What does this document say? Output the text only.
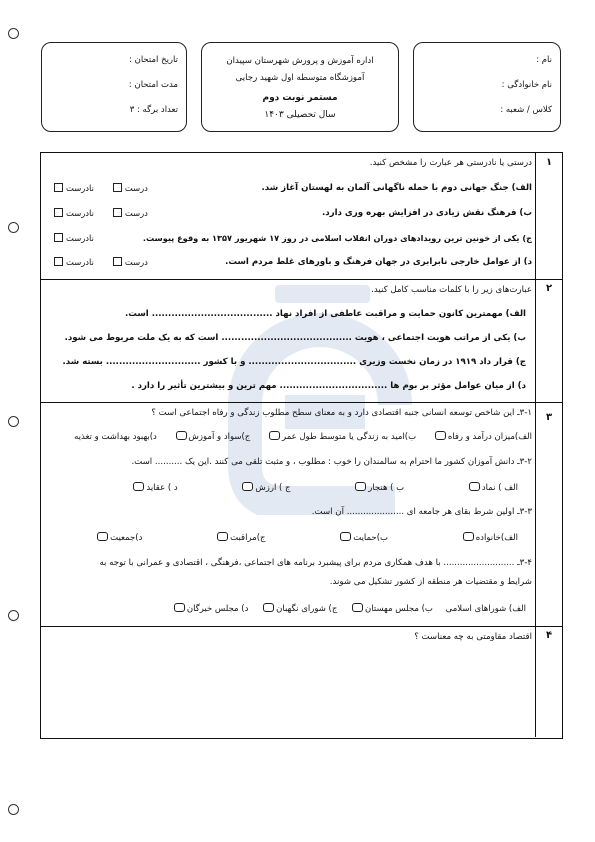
نام :
نام خانوادگی :
کلاس / شعبه :
اداره آموزش و پرورش شهرستان سپیدان
آموزشگاه متوسطه اول شهید رجایی
مستمر نوبت دوم
سال تحصیلی ۱۴۰۳
تاریخ امتحان :
مدت امتحان :
تعداد برگه : ۳
۱
درستی یا نادرستی هر عبارت را مشخص کنید.
الف) جنگ جهانی دوم با حمله ناگهانی آلمان به لهستان آغاز شد.
درست      نادرست
ب) فرهنگ نقش زیادی در افزایش بهره وری دارد.
درست      نادرست
ج) یکی از خونین ترین رویدادهای دوران انقلاب اسلامی در روز ۱۷ شهریور ۱۳۵۷ به وقوع پیوست.
نادرست
د) از عوامل خارجی نابرابری در جهان فرهنگ و باورهای غلط مردم است.
درست      نادرست
۲
عبارت‌های زیر را با کلمات مناسب کامل کنید.
الف) مهمترین کانون حمایت و مراقبت عاطفی از افراد نهاد ..................................... است.
ب) یکی از مراتب هویت اجتماعی ، هویت ........................................ است که به یک ملت مربوط می شود.
ج) قرار داد ۱۹۱۹ در زمان نخست وزیری ................................. و با کشور ............................. بسته شد.
د) از میان عوامل مؤثر بر بوم ها ................................. مهم ترین و بیشترین تأثیر را دارد .
۳
۳-۱ـ این شاخص توسعه انسانی جنبه اقتصادی دارد و به معنای سطح مطلوب زندگی و رفاه اجتماعی است ؟
الف)میزان درآمد و رفاه ب)امید به زندگی یا متوسط طول عمر ج)سواد و آموزش د)بهبود بهداشت و تغذیه
۳-۲ـ دانش آموزان کشور ما احترام به سالمندان را خوب : مطلوب ، و مثبت تلقی می کنند .این یک .......... است.
الف ) نماد ب ) هنجار ج ) ارزش د ) عقاید
۳-۳ـ اولین شرط بقای هر جامعه ای ..................... آن است.
الف)خانواده ب)حمایت ج)مراقبت د)جمعیت
۳-۴ـ .......................... با هدف همکاری مردم برای پیشبرد برنامه های اجتماعی ،فرهنگی ، اقتصادی و عمرانی با توجه به
شرایط و مقتضیات هر منطقه از کشور تشکیل می شوند.
الف) شورا‌های اسلامی ب) مجلس مهستان ج) شورای نگهبان د) مجلس خبرگان
۴
اقتصاد مقاومتی به چه معناست ؟
